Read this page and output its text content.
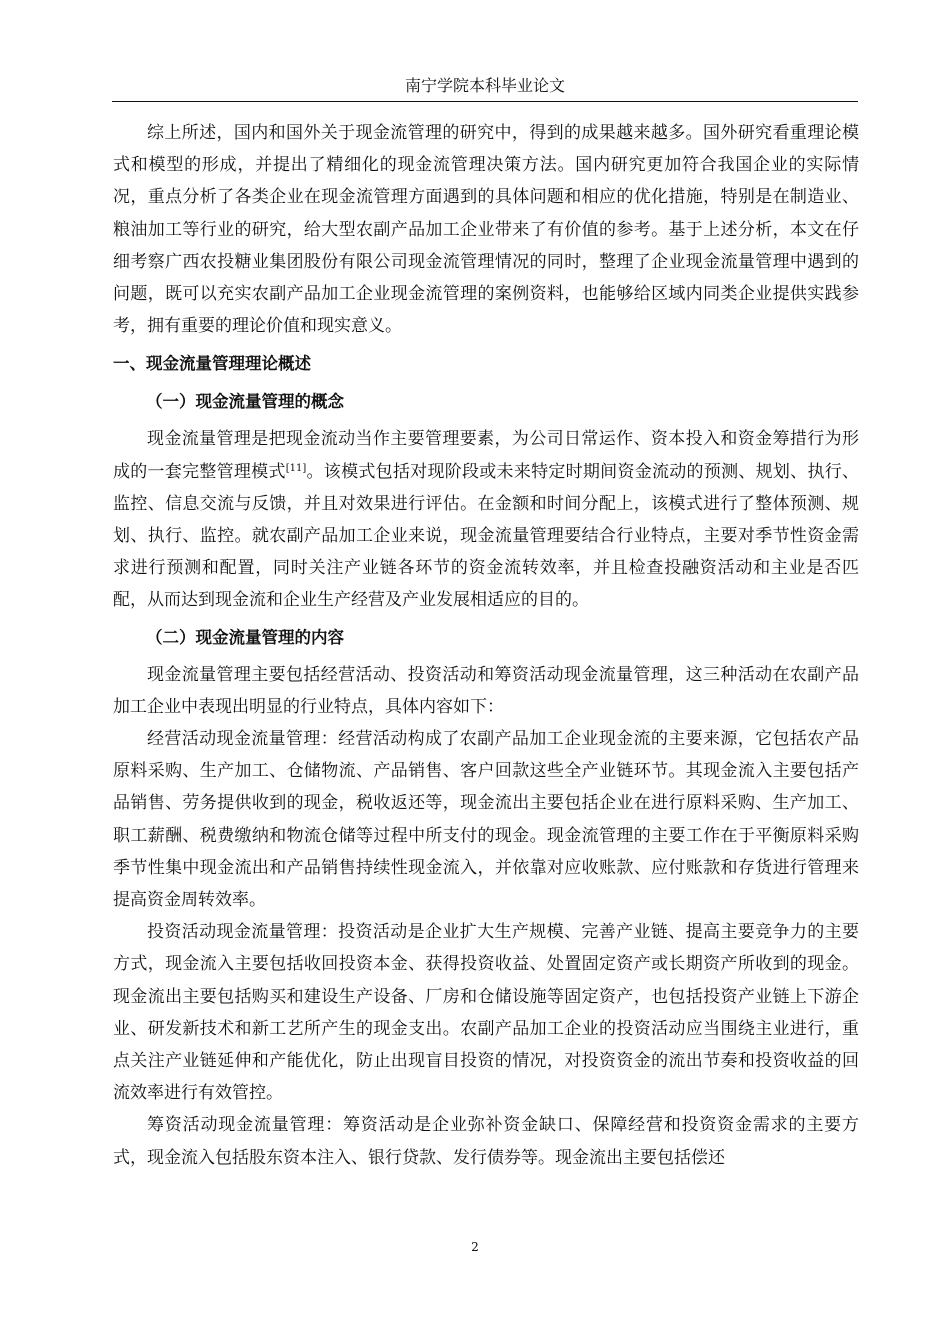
南宁学院本科毕业论文

综上所述，国内和国外关于现金流管理的研究中，得到的成果越来越多。国外研究看重理论模式和模型的形成，并提出了精细化的现金流管理决策方法。国内研究更加符合我国企业的实际情况，重点分析了各类企业在现金流管理方面遇到的具体问题和相应的优化措施，特别是在制造业、粮油加工等行业的研究，给大型农副产品加工企业带来了有价值的参考。基于上述分析，本文在仔细考察广西农投糖业集团股份有限公司现金流管理情况的同时，整理了企业现金流量管理中遇到的问题，既可以充实农副产品加工企业现金流管理的案例资料，也能够给区域内同类企业提供实践参考，拥有重要的理论价值和现实意义。

一、现金流量管理理论概述
（一）现金流量管理的概念

现金流量管理是把现金流动当作主要管理要素，为公司日常运作、资本投入和资金筹措行为形成的一套完整管理模式[11]。该模式包括对现阶段或未来特定时期间资金流动的预测、规划、执行、监控、信息交流与反馈，并且对效果进行评估。在金额和时间分配上，该模式进行了整体预测、规划、执行、监控。就农副产品加工企业来说，现金流量管理要结合行业特点，主要对季节性资金需求进行预测和配置，同时关注产业链各环节的资金流转效率，并且检查投融资活动和主业是否匹配，从而达到现金流和企业生产经营及产业发展相适应的目的。

（二）现金流量管理的内容

现金流量管理主要包括经营活动、投资活动和筹资活动现金流量管理，这三种活动在农副产品加工企业中表现出明显的行业特点，具体内容如下：

经营活动现金流量管理：经营活动构成了农副产品加工企业现金流的主要来源，它包括农产品原料采购、生产加工、仓储物流、产品销售、客户回款这些全产业链环节。其现金流入主要包括产品销售、劳务提供收到的现金，税收返还等，现金流出主要包括企业在进行原料采购、生产加工、职工薪酬、税费缴纳和物流仓储等过程中所支付的现金。现金流管理的主要工作在于平衡原料采购季节性集中现金流出和产品销售持续性现金流入，并依靠对应收账款、应付账款和存货进行管理来提高资金周转效率。

投资活动现金流量管理：投资活动是企业扩大生产规模、完善产业链、提高主要竞争力的主要方式，现金流入主要包括收回投资本金、获得投资收益、处置固定资产或长期资产所收到的现金。现金流出主要包括购买和建设生产设备、厂房和仓储设施等固定资产，也包括投资产业链上下游企业、研发新技术和新工艺所产生的现金支出。农副产品加工企业的投资活动应当围绕主业进行，重点关注产业链延伸和产能优化，防止出现盲目投资的情况，对投资资金的流出节奏和投资收益的回流效率进行有效管控。

筹资活动现金流量管理：筹资活动是企业弥补资金缺口、保障经营和投资资金需求的主要方式，现金流入包括股东资本注入、银行贷款、发行债券等。现金流出主要包括偿还

2
